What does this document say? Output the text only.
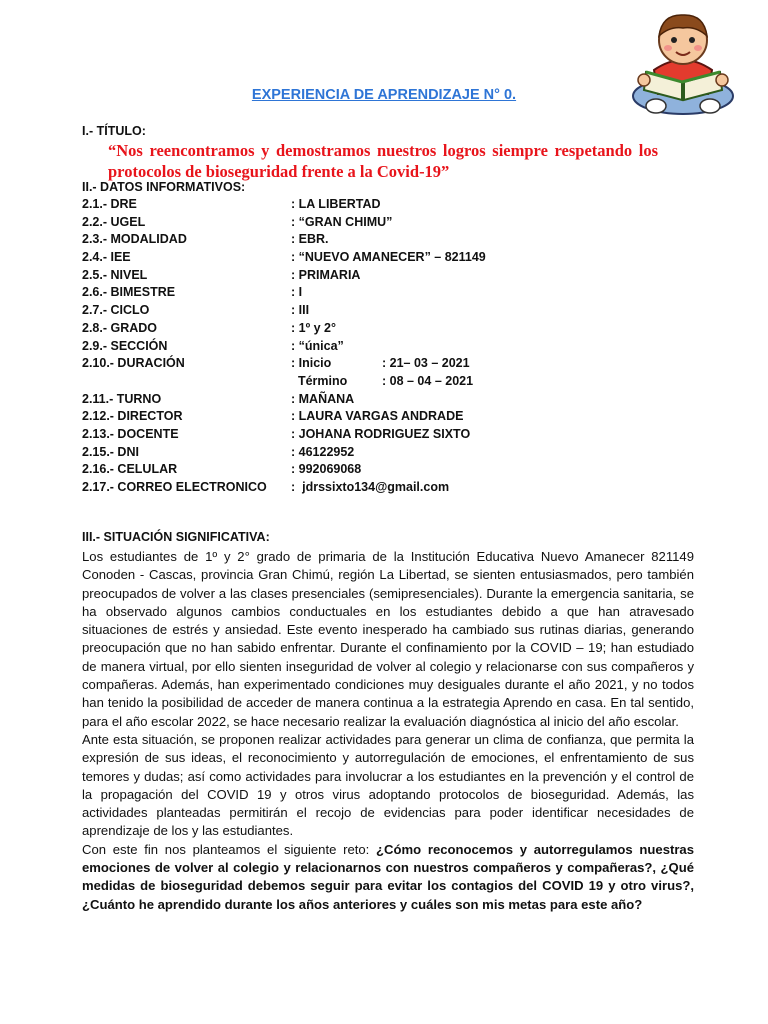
EXPERIENCIA DE APRENDIZAJE N° 0.
I.- TÍTULO:
“Nos reencontramos y demostramos nuestros logros siempre respetando los protocolos de bioseguridad frente a la Covid-19”
II.- DATOS INFORMATIVOS:
2.1.- DRE	: LA LIBERTAD
2.2.- UGEL	: “GRAN CHIMU”
2.3.- MODALIDAD	: EBR.
2.4.- IEE	: “NUEVO AMANECER” – 821149
2.5.- NIVEL	: PRIMARIA
2.6.- BIMESTRE	: I
2.7.- CICLO	: III
2.8.- GRADO	: 1º y 2°
2.9.- SECCIÓN	: “única”
2.10.- DURACIÓN	: Inicio	: 21– 03 – 2021
Término	: 08 – 04 – 2021
2.11.- TURNO	: MAÑANA
2.12.- DIRECTOR	: LAURA VARGAS ANDRADE
2.13.- DOCENTE	: JOHANA RODRIGUEZ SIXTO
2.15.- DNI	: 46122952
2.16.- CELULAR	: 992069068
2.17.- CORREO ELECTRONICO :  jdrssixto134@gmail.com
III.- SITUACIÓN SIGNIFICATIVA:

Los estudiantes de 1º y 2° grado de primaria de la Institución Educativa Nuevo Amanecer 821149 Conoden - Cascas, provincia Gran Chimú, región La Libertad, se sienten entusiasmados, pero también preocupados de volver a las clases presenciales (semipresenciales). Durante la emergencia sanitaria, se ha observado algunos cambios conductuales en los estudiantes debido a que han atravesado situaciones de estrés y ansiedad. Este evento inesperado ha cambiado sus rutinas diarias, generando preocupación que no han sabido enfrentar. Durante el confinamiento por la COVID – 19; han estudiado de manera virtual, por ello sienten inseguridad de volver al colegio y relacionarse con sus compañeros y compañeras. Además, han experimentado condiciones muy desiguales durante el año 2021, y no todos han tenido la posibilidad de acceder de manera continua a la estrategia Aprendo en casa. En tal sentido, para el año escolar 2022, se hace necesario realizar la evaluación diagnóstica al inicio del año escolar.

Ante esta situación, se proponen realizar actividades para generar un clima de confianza, que permita la expresión de sus ideas, el reconocimiento y autorregulación de emociones, el enfrentamiento de sus temores y dudas; así como actividades para involucrar a los estudiantes en la prevención y el control de la propagación del COVID 19 y otros virus adoptando protocolos de bioseguridad. Además, las actividades planteadas permitirán el recojo de evidencias para poder identificar necesidades de aprendizaje de los y las estudiantes.

Con este fin nos planteamos el siguiente reto: ¿Cómo reconocemos y autorregulamos nuestras emociones de volver al colegio y relacionarnos con nuestros compañeros y compañeras?, ¿Qué medidas de bioseguridad debemos seguir para evitar los contagios del COVID 19 y otro virus?, ¿Cuánto he aprendido durante los años anteriores y cuáles son mis metas para este año?
